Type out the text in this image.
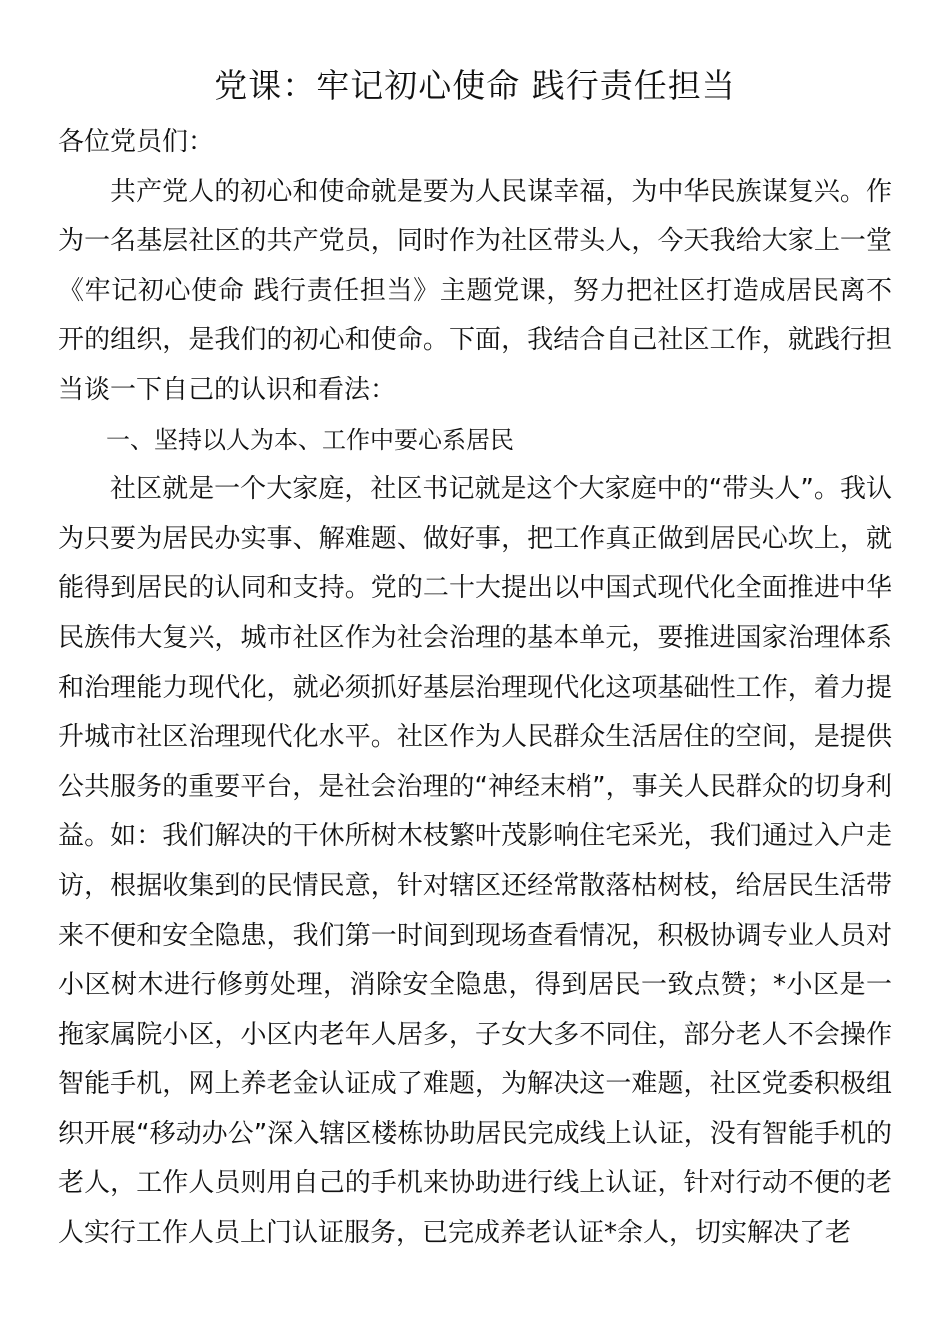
党课：牢记初心使命 践行责任担当

各位党员们：

共产党人的初心和使命就是要为人民谋幸福，为中华民族谋复兴。作为一名基层社区的共产党员，同时作为社区带头人，今天我给大家上一堂《牢记初心使命 践行责任担当》主题党课，努力把社区打造成居民离不开的组织，是我们的初心和使命。下面，我结合自己社区工作，就践行担当谈一下自己的认识和看法：

一、坚持以人为本、工作中要心系居民

社区就是一个大家庭，社区书记就是这个大家庭中的“带头人”。我认为只要为居民办实事、解难题、做好事，把工作真正做到居民心坎上，就能得到居民的认同和支持。党的二十大提出以中国式现代化全面推进中华民族伟大复兴，城市社区作为社会治理的基本单元，要推进国家治理体系和治理能力现代化，就必须抓好基层治理现代化这项基础性工作，着力提升城市社区治理现代化水平。社区作为人民群众生活居住的空间，是提供公共服务的重要平台，是社会治理的“神经末梢”，事关人民群众的切身利益。如：我们解决的干休所树木枝繁叶茂影响住宅采光，我们通过入户走访，根据收集到的民情民意，针对辖区还经常散落枯树枝，给居民生活带来不便和安全隐患，我们第一时间到现场查看情况，积极协调专业人员对小区树木进行修剪处理，消除安全隐患，得到居民一致点赞；*小区是一拖家属院小区，小区内老年人居多，子女大多不同住，部分老人不会操作智能手机，网上养老金认证成了难题，为解决这一难题，社区党委积极组织开展“移动办公”深入辖区楼栋协助居民完成线上认证，没有智能手机的老人，工作人员则用自己的手机来协助进行线上认证，针对行动不便的老人实行工作人员上门认证服务，已完成养老认证*余人，切实解决了老
